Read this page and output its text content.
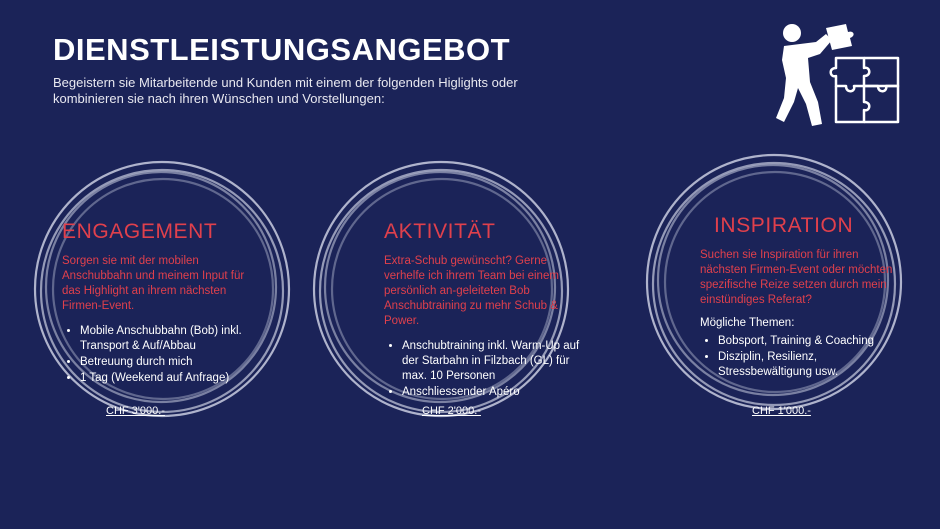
DIENSTLEISTUNGSANGEBOT

Begeistern sie Mitarbeitende und Kunden mit einem der folgenden Higlights oder kombinieren sie nach ihren Wünschen und Vorstellungen:

ENGAGEMENT

Sorgen sie mit der mobilen Anschubbahn und meinem Input für das Highlight an ihrem nächsten Firmen-Event.

• Mobile Anschubbahn (Bob) inkl. Transport & Auf/Abbau
• Betreuung durch mich
• 1 Tag (Weekend auf Anfrage)
CHF 3'000.-
AKTIVITÄT

Extra-Schub gewünscht? Gerne verhelfe ich ihrem Team bei einem persönlich an-geleiteten Bob Anschubtraining zu mehr Schub & Power.

• Anschubtraining inkl. Warm-Up auf der Starbahn in Filzbach (GL) für max. 10 Personen
• Anschliessender Apéro
CHF 2'000.-
INSPIRATION

Suchen sie Inspiration für ihren nächsten Firmen-Event oder möchten spezifische Reize setzen durch mein einstündiges Referat?

Mögliche Themen:

• Bobsport, Training & Coaching
• Disziplin, Resilienz, Stressbewältigung usw.
CHF 1'000.-
